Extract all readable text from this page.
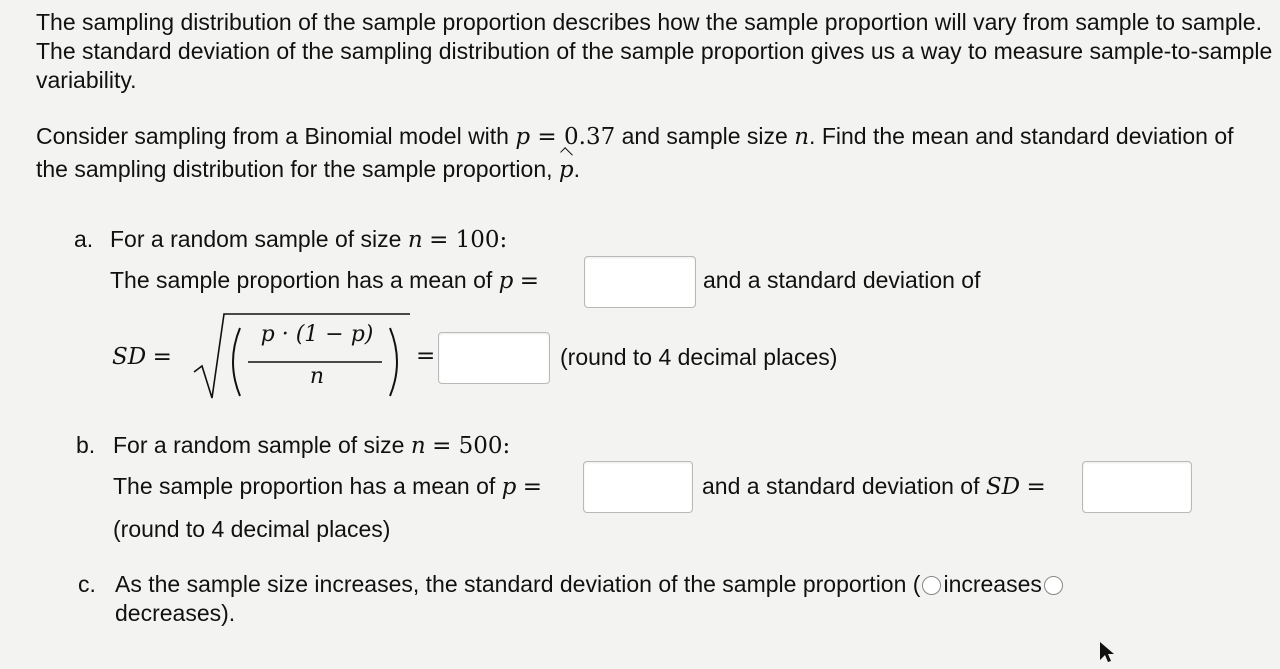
The sampling distribution of the sample proportion describes how the sample proportion will vary from sample to sample. The standard deviation of the sampling distribution of the sample proportion gives us a way to measure sample-to-sample variability.
Consider sampling from a Binomial model with p = 0.37 and sample size n. Find the mean and standard deviation of the sampling distribution for the sample proportion, p.
a. For a random sample of size n = 100:
The sample proportion has a mean of p =	and a standard deviation of
SD =
p · (1 − p)
n
=	(round to 4 decimal places)
b. For a random sample of size n = 500:
The sample proportion has a mean of p =	and a standard deviation of SD =
(round to 4 decimal places)
c. As the sample size increases, the standard deviation of the sample proportion ( increases
decreases).
